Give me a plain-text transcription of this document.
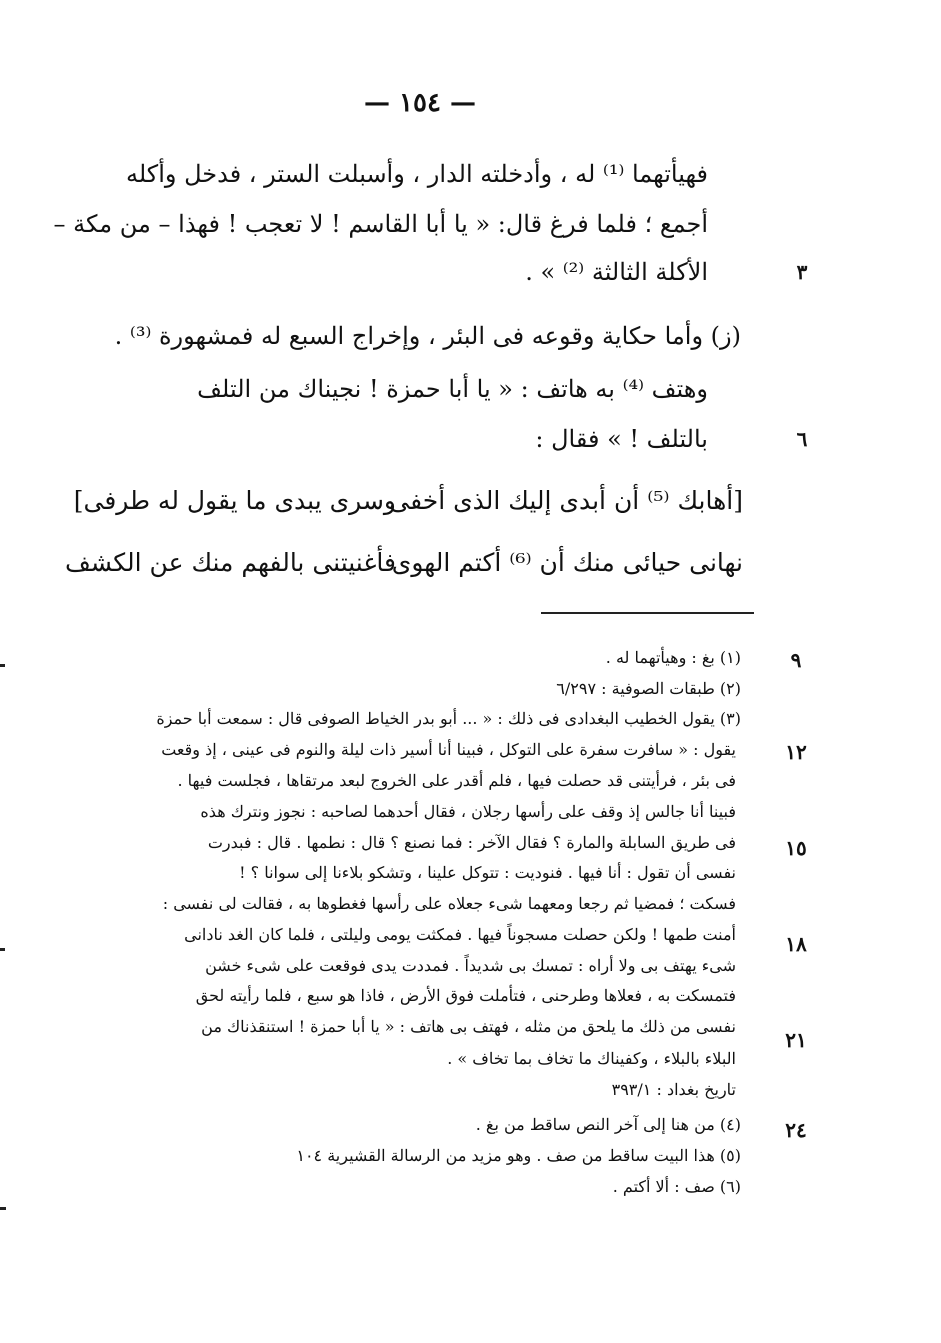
— ١٥٤ —
فهيأتهما ⁽¹⁾ له ، وأدخلته الدار ، وأسبلت الستر ، فدخل وأكله
أجمع ؛ فلما فرغ قال: « يا أبا القاسم ! لا تعجب ! فهذا – من مكة –
الأكلة الثالثة ⁽²⁾ » .
(ز) وأما حكاية وقوعه فى البئر ، وإخراج السبع له فمشهورة ⁽³⁾ .
وهتف ⁽⁴⁾ به هاتف : « يا أبا حمزة ! نجيناك من التلف
بالتلف ! » فقال :
٣
٦
[أهابك ⁽⁵⁾ أن أبدى إليك الذى أخفى
وسرى يبدى ما يقول له طرفى]
نهانى حيائى منك أن ⁽⁶⁾ أكتم الهوى
فأغنيتنى بالفهم منك عن الكشف
(١) بغ : وهيأتهما له .
(٢) طبقات الصوفية : ٦/٢٩٧
(٣) يقول الخطيب البغدادى فى ذلك : « ... أبو بدر الخياط الصوفى قال : سمعت أبا حمزة
يقول : « سافرت سفرة على التوكل ، فبينا أنا أسير ذات ليلة والنوم فى عينى ، إذ وقعت
فى بئر ، فرأيتنى قد حصلت فيها ، فلم أقدر على الخروج لبعد مرتقاها ، فجلست فيها .
فبينا أنا جالس إذ وقف على رأسها رجلان ، فقال أحدهما لصاحبه : نجوز ونترك هذه
فى طريق السابلة والمارة ؟ فقال الآخر : فما نصنع ؟ قال : نطمها . قال : فبدرت
نفسى أن تقول : أنا فيها . فنوديت : تتوكل علينا ، وتشكو بلاءنا إلى سوانا ؟ !
فسكت ؛ فمضيا ثم رجعا ومعهما شىء جعلاه على رأسها فغطوها به ، فقالت لى نفسى :
أمنت طمها ! ولكن حصلت مسجوناً فيها . فمكثت يومى وليلتى ، فلما كان الغد نادانى
شىء يهتف بى ولا أراه : تمسك بى شديداً . فمددت يدى فوقعت على شىء خشن
فتمسكت به ، فعلاها وطرحنى ، فتأملت فوق الأرض ، فاذا هو سبع ، فلما رأيته لحق
نفسى من ذلك ما يلحق من مثله ، فهتف بى هاتف : « يا أبا حمزة ! استنقذناك من
البلاء بالبلاء ، وكفيناك ما تخاف بما تخاف » .
تاريخ بغداد : ٣٩٣/١
(٤) من هنا إلى آخر النص ساقط من بغ .
(٥) هذا البيت ساقط من صف . وهو مزيد من الرسالة القشيرية ١٠٤
(٦) صف : ألا أكتم .
٩
١٢
١٥
١٨
٢١
٢٤
